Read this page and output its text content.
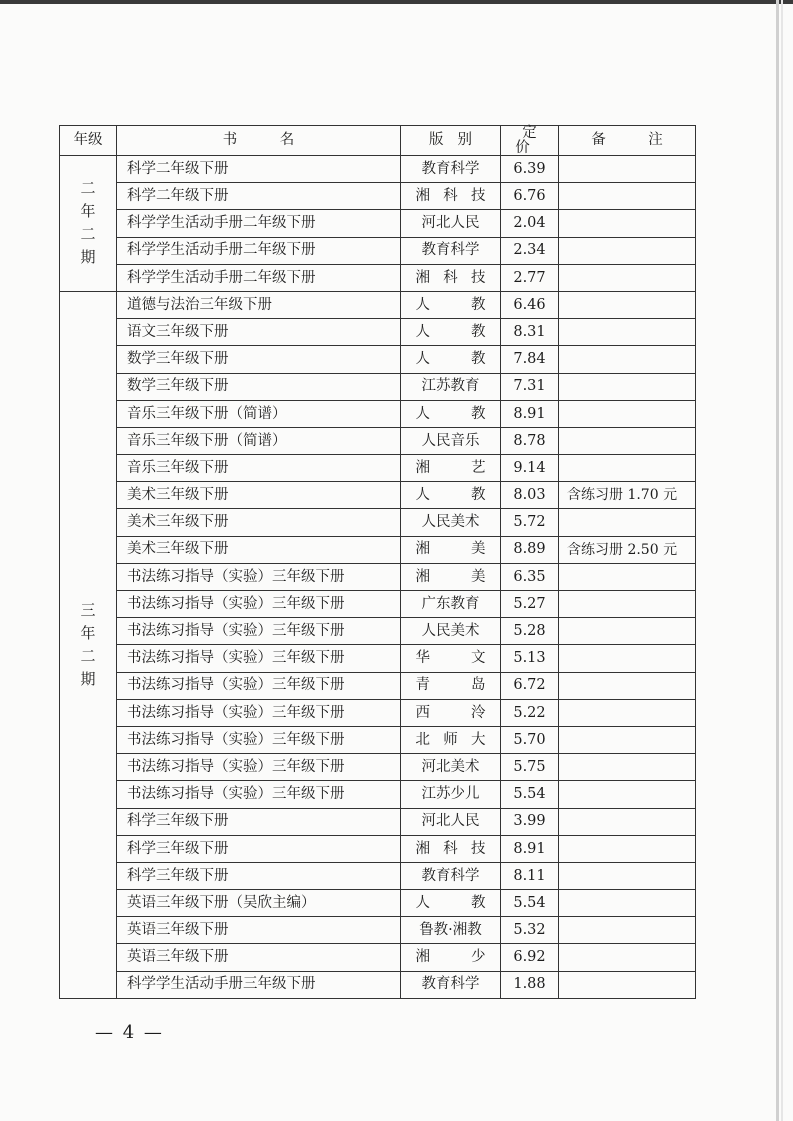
年级	书　名	版别	定价	备　注
二年二期	科学二年级下册	教育科学	6.39	
	科学二年级下册	湘科技	6.76	
	科学学生活动手册二年级下册	河北人民	2.04	
	科学学生活动手册二年级下册	教育科学	2.34	
	科学学生活动手册二年级下册	湘科技	2.77	
三年二期	道德与法治三年级下册	人教	6.46	
	语文三年级下册	人教	8.31	
	数学三年级下册	人教	7.84	
	数学三年级下册	江苏教育	7.31	
	音乐三年级下册（简谱）	人教	8.91	
	音乐三年级下册（简谱）	人民音乐	8.78	
	音乐三年级下册	湘艺	9.14	
	美术三年级下册	人教	8.03	含练习册 1.70 元
	美术三年级下册	人民美术	5.72	
	美术三年级下册	湘美	8.89	含练习册 2.50 元
	书法练习指导（实验）三年级下册	湘美	6.35	
	书法练习指导（实验）三年级下册	广东教育	5.27	
	书法练习指导（实验）三年级下册	人民美术	5.28	
	书法练习指导（实验）三年级下册	华文	5.13	
	书法练习指导（实验）三年级下册	青岛	6.72	
	书法练习指导（实验）三年级下册	西泠	5.22	
	书法练习指导（实验）三年级下册	北师大	5.70	
	书法练习指导（实验）三年级下册	河北美术	5.75	
	书法练习指导（实验）三年级下册	江苏少儿	5.54	
	科学三年级下册	河北人民	3.99	
	科学三年级下册	湘科技	8.91	
	科学三年级下册	教育科学	8.11	
	英语三年级下册（吴欣主编）	人教	5.54	
	英语三年级下册	鲁教·湘教	5.32	
	英语三年级下册	湘少	6.92	
	科学学生活动手册三年级下册	教育科学	1.88	
— 4 —
